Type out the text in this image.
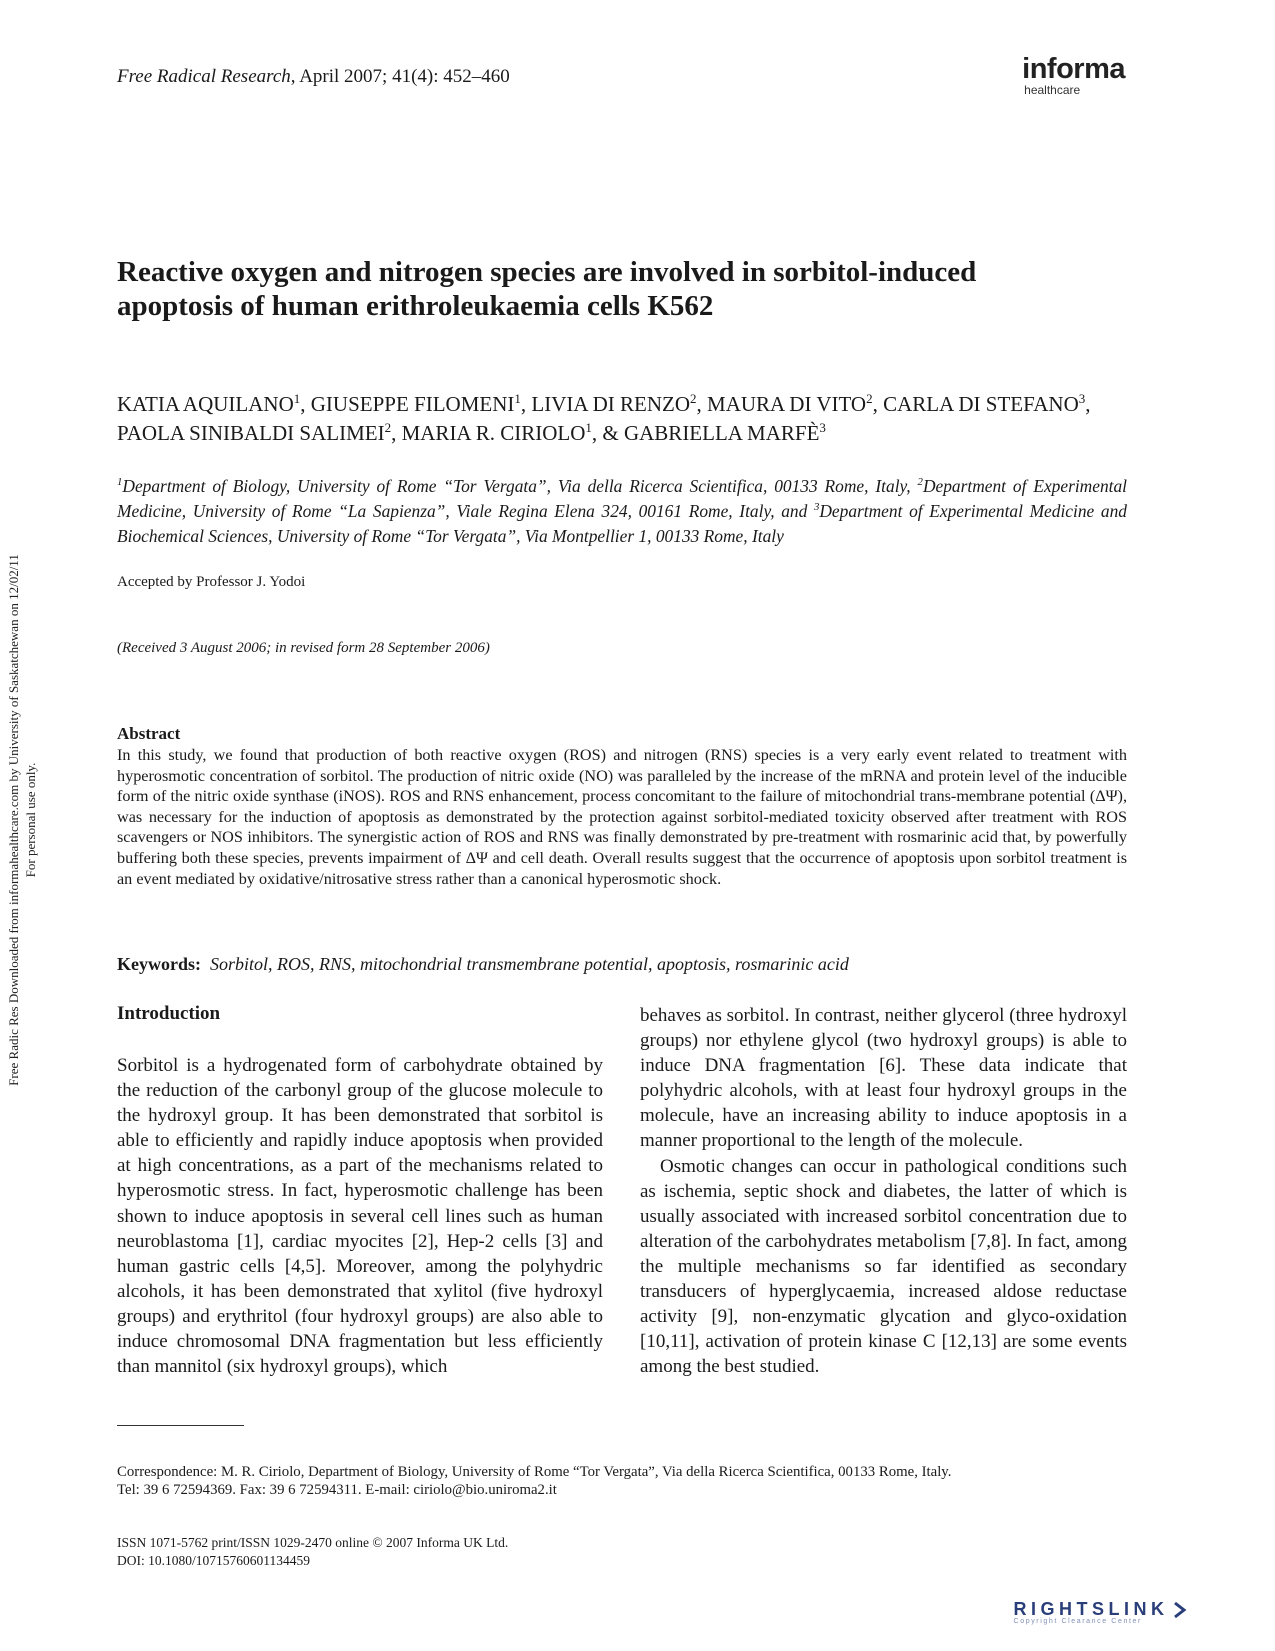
Free Radical Research, April 2007; 41(4): 452–460	informa
healthcare
Free Radic Res Downloaded from informahealthcare.com by University of Saskatchewan on 12/02/11 For personal use only.
Reactive oxygen and nitrogen species are involved in sorbitol-induced
apoptosis of human erithroleukaemia cells K562
KATIA AQUILANO$^1$, GIUSEPPE FILOMENI$^1$, LIVIA DI RENZO$^2$, MAURA DI VITO$^2$, CARLA DI STEFANO$^3$, PAOLA SINIBALDI SALIMEI$^2$, MARIA R. CIRIOLO$^1$, & GABRIELLA MARFÈ$^3$
$^1$Department of Biology, University of Rome “Tor Vergata”, Via della Ricerca Scientifica, 00133 Rome, Italy, $^2$Department of Experimental Medicine, University of Rome “La Sapienza”, Viale Regina Elena 324, 00161 Rome, Italy, and $^3$Department of Experimental Medicine and Biochemical Sciences, University of Rome “Tor Vergata”, Via Montpellier 1, 00133 Rome, Italy
Accepted by Professor J. Yodoi
(Received 3 August 2006; in revised form 28 September 2006)
Abstract
In this study, we found that production of both reactive oxygen (ROS) and nitrogen (RNS) species is a very early event related to treatment with hyperosmotic concentration of sorbitol. The production of nitric oxide (NO) was paralleled by the increase of the mRNA and protein level of the inducible form of the nitric oxide synthase (iNOS). ROS and RNS enhancement, process concomitant to the failure of mitochondrial trans-membrane potential (ΔΨ), was necessary for the induction of apoptosis as demonstrated by the protection against sorbitol-mediated toxicity observed after treatment with ROS scavengers or NOS inhibitors. The synergistic action of ROS and RNS was finally demonstrated by pre-treatment with rosmarinic acid that, by powerfully buffering both these species, prevents impairment of ΔΨ and cell death. Overall results suggest that the occurrence of apoptosis upon sorbitol treatment is an event mediated by oxidative/nitrosative stress rather than a canonical hyperosmotic shock.
Keywords: Sorbitol, ROS, RNS, mitochondrial transmembrane potential, apoptosis, rosmarinic acid
Introduction

Sorbitol is a hydrogenated form of carbohydrate obtained by the reduction of the carbonyl group of the glucose molecule to the hydroxyl group. It has been demonstrated that sorbitol is able to efficiently and rapidly induce apoptosis when provided at high concentrations, as a part of the mechanisms related to hyperosmotic stress. In fact, hyperosmotic challenge has been shown to induce apoptosis in several cell lines such as human neuroblastoma [1], cardiac myocites [2], Hep-2 cells [3] and human gastric cells [4,5]. Moreover, among the polyhydric alcohols, it has been demonstrated that xylitol (five hydroxyl groups) and erythritol (four hydroxyl groups) are also able to induce chromosomal DNA fragmentation but less efficiently than mannitol (six hydroxyl groups), which

behaves as sorbitol. In contrast, neither glycerol (three hydroxyl groups) nor ethylene glycol (two hydroxyl groups) is able to induce DNA fragmentation [6]. These data indicate that polyhydric alcohols, with at least four hydroxyl groups in the molecule, have an increasing ability to induce apoptosis in a manner proportional to the length of the molecule.

Osmotic changes can occur in pathological conditions such as ischemia, septic shock and diabetes, the latter of which is usually associated with increased sorbitol concentration due to alteration of the carbohydrates metabolism [7,8]. In fact, among the multiple mechanisms so far identified as secondary transducers of hyperglycaemia, increased aldose reductase activity [9], non-enzymatic glycation and glyco-oxidation [10,11], activation of protein kinase C [12,13] are some events among the best studied.

Correspondence: M. R. Ciriolo, Department of Biology, University of Rome “Tor Vergata”, Via della Ricerca Scientifica, 00133 Rome, Italy.
Tel: 39 6 72594369. Fax: 39 6 72594311. E-mail: ciriolo@bio.uniroma2.it
ISSN 1071-5762 print/ISSN 1029-2470 online © 2007 Informa UK Ltd.
DOI: 10.1080/10715760601134459
RIGHTSLINK
Copyright Clearance Center
